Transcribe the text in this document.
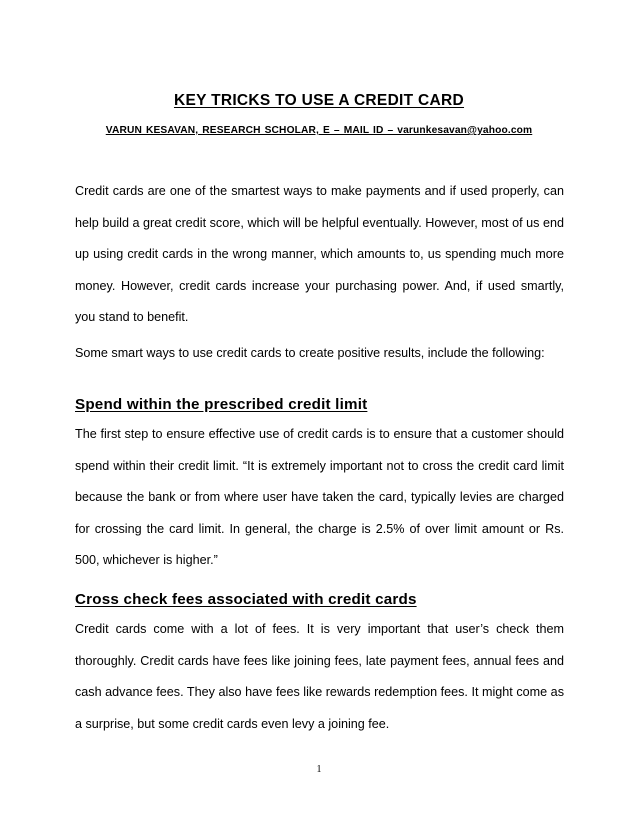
KEY TRICKS TO USE A CREDIT CARD
VARUN KESAVAN, RESEARCH SCHOLAR, E – MAIL ID – varunkesavan@yahoo.com

Credit cards are one of the smartest ways to make payments and if used properly, can help build a great credit score, which will be helpful eventually. However, most of us end up using credit cards in the wrong manner, which amounts to, us spending much more money. However, credit cards increase your purchasing power. And, if used smartly, you stand to benefit.

Some smart ways to use credit cards to create positive results, include the following:

Spend within the prescribed credit limit

The first step to ensure effective use of credit cards is to ensure that a customer should spend within their credit limit. “It is extremely important not to cross the credit card limit because the bank or from where user have taken the card, typically levies are charged for crossing the card limit. In general, the charge is 2.5% of over limit amount or Rs. 500, whichever is higher.”

Cross check fees associated with credit cards

Credit cards come with a lot of fees. It is very important that user’s check them thoroughly. Credit cards have fees like joining fees, late payment fees, annual fees and cash advance fees. They also have fees like rewards redemption fees. It might come as a surprise, but some credit cards even levy a joining fee.

1
